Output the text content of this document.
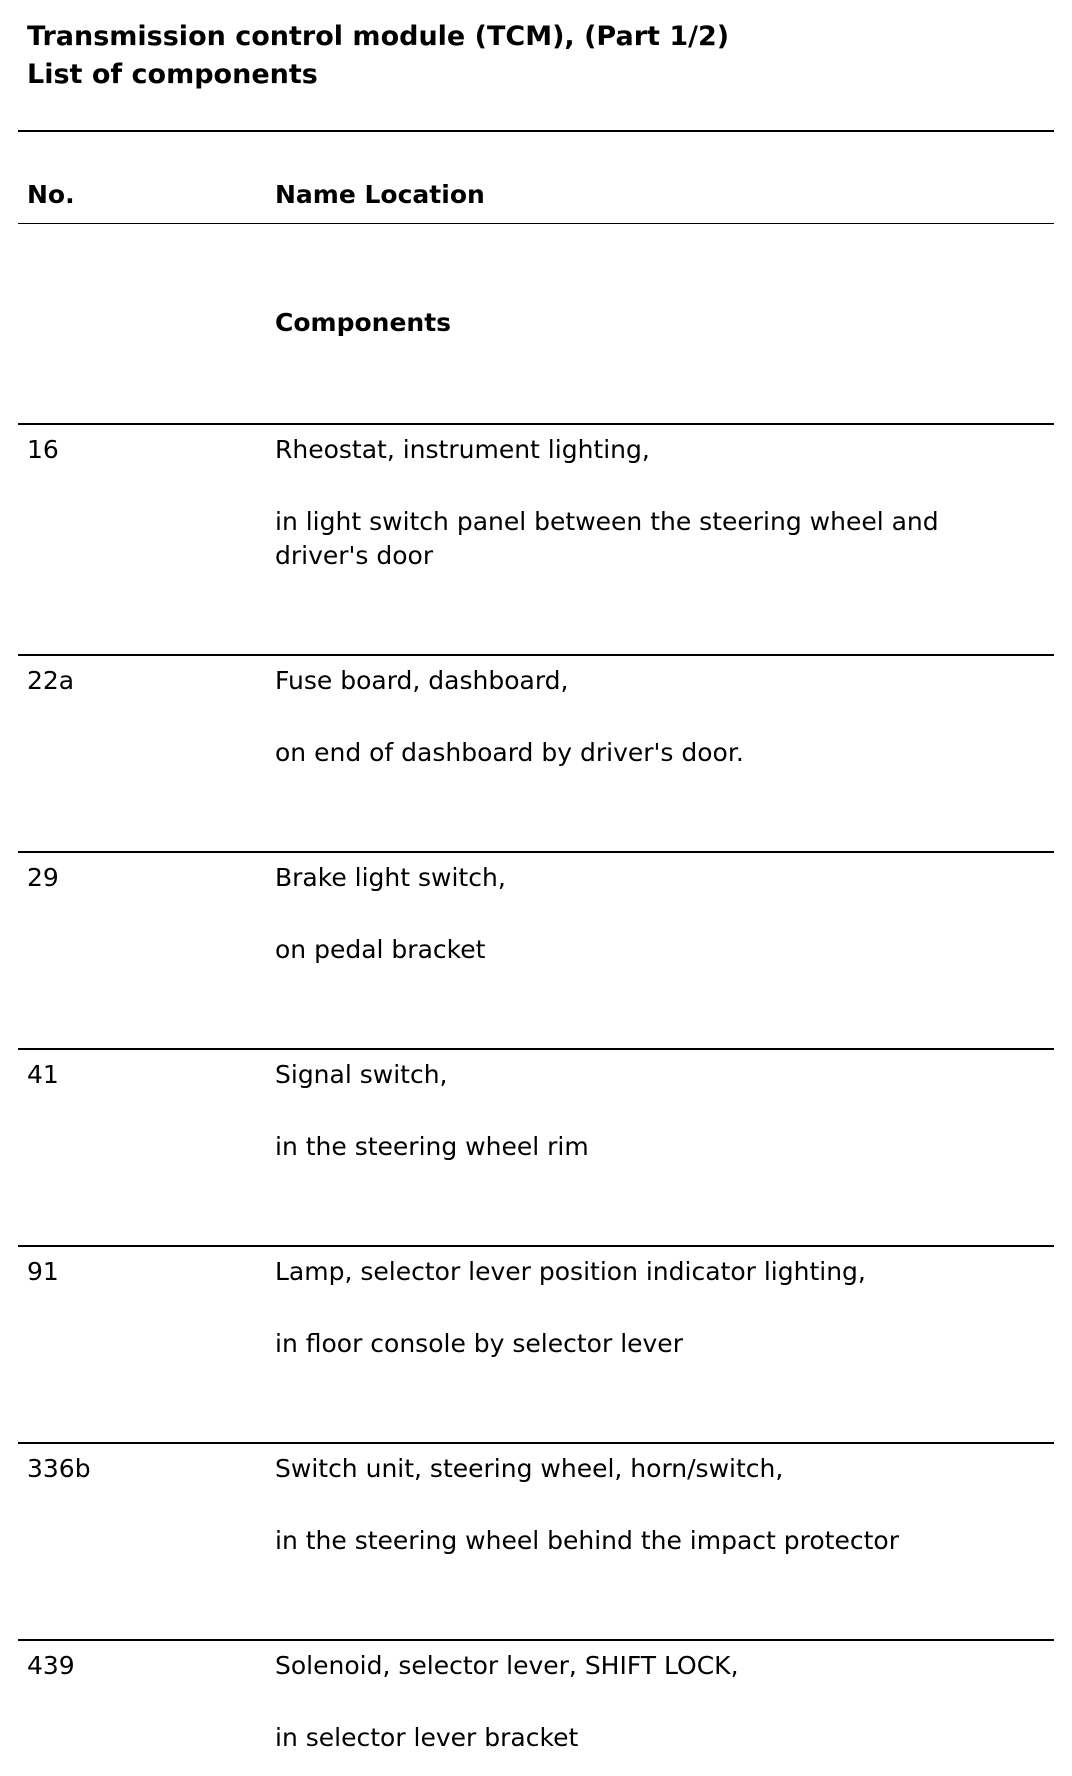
Transmission control module (TCM), (Part 1/2)
List of components
No.	Name Location
Components
16	Rheostat, instrument lighting,
in light switch panel between the steering wheel and driver's door
22a	Fuse board, dashboard,
on end of dashboard by driver's door.
29	Brake light switch,
on pedal bracket
41	Signal switch,
in the steering wheel rim
91	Lamp, selector lever position indicator lighting,
in floor console by selector lever
336b	Switch unit, steering wheel, horn/switch,
in the steering wheel behind the impact protector
439	Solenoid, selector lever, SHIFT LOCK,
in selector lever bracket
